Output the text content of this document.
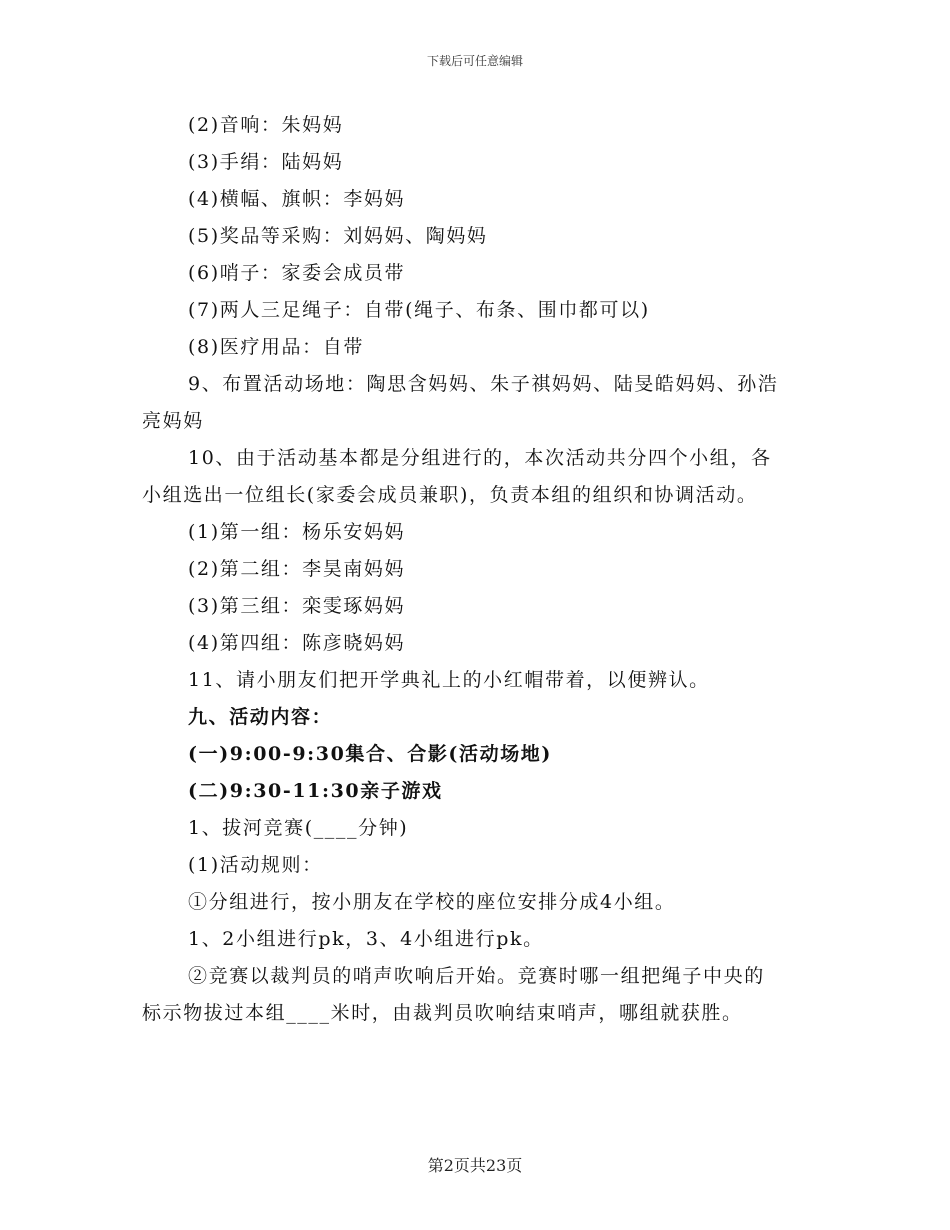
下载后可任意编辑
(2)音响：朱妈妈
(3)手绢：陆妈妈
(4)横幅、旗帜：李妈妈
(5)奖品等采购：刘妈妈、陶妈妈
(6)哨子：家委会成员带
(7)两人三足绳子：自带(绳子、布条、围巾都可以)
(8)医疗用品：自带
9、布置活动场地：陶思含妈妈、朱子祺妈妈、陆旻皓妈妈、孙浩
亮妈妈
10、由于活动基本都是分组进行的，本次活动共分四个小组，各
小组选出一位组长(家委会成员兼职)，负责本组的组织和协调活动。
(1)第一组：杨乐安妈妈
(2)第二组：李昊南妈妈
(3)第三组：栾雯琢妈妈
(4)第四组：陈彦晓妈妈
11、请小朋友们把开学典礼上的小红帽带着，以便辨认。
九、活动内容：
(一)9:00-9:30集合、合影(活动场地)
(二)9:30-11:30亲子游戏
1、拔河竞赛(____分钟)
(1)活动规则：
①分组进行，按小朋友在学校的座位安排分成4小组。
1、2小组进行pk，3、4小组进行pk。
②竞赛以裁判员的哨声吹响后开始。竞赛时哪一组把绳子中央的
标示物拔过本组____米时，由裁判员吹响结束哨声，哪组就获胜。
第2页共23页
